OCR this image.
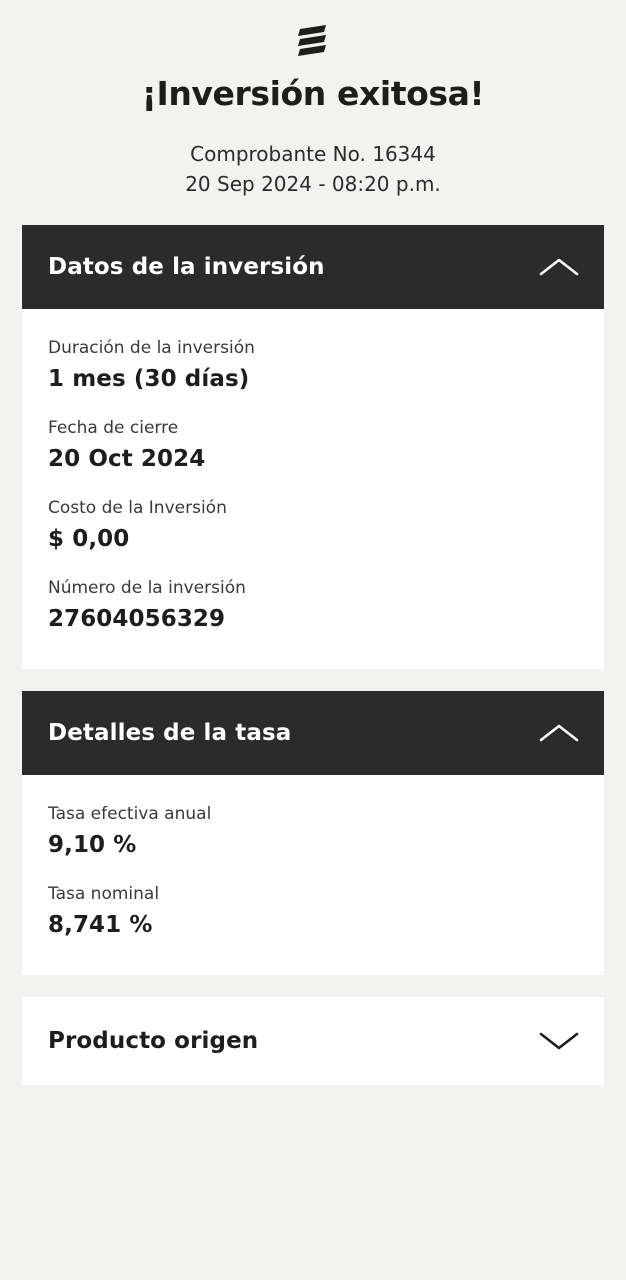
¡Inversión exitosa!
Comprobante No. 16344
20 Sep 2024 - 08:20 p.m.
Datos de la inversión
Duración de la inversión
1 mes (30 días)
Fecha de cierre
20 Oct 2024
Costo de la Inversión
$ 0,00
Número de la inversión
27604056329
Detalles de la tasa
Tasa efectiva anual
9,10 %
Tasa nominal
8,741 %
Producto origen
